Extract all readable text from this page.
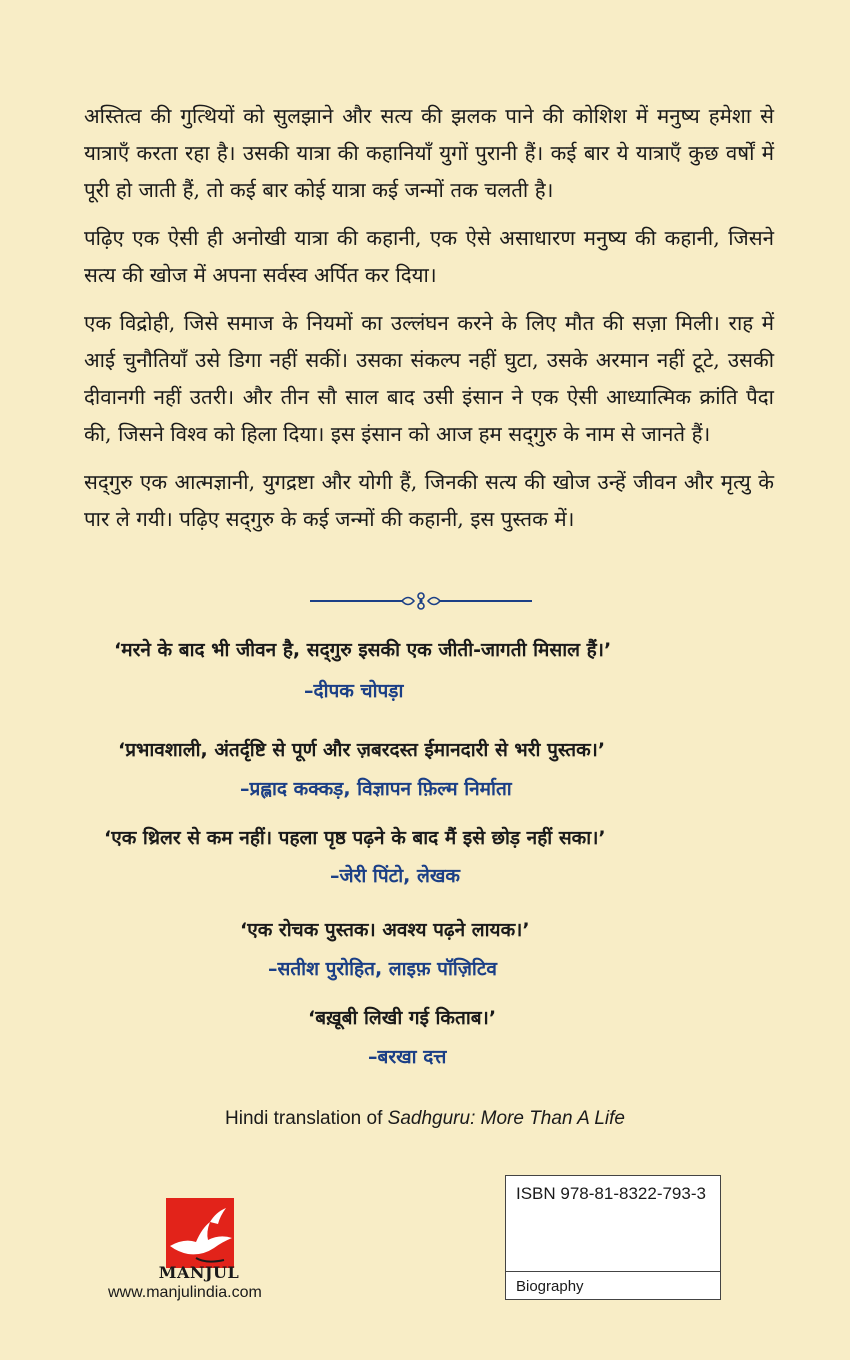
अस्तित्व की गुत्थियों को सुलझाने और सत्य की झलक पाने की कोशिश में मनुष्य हमेशा से यात्राएँ करता रहा है। उसकी यात्रा की कहानियाँ युगों पुरानी हैं। कई बार ये यात्राएँ कुछ वर्षों में पूरी हो जाती हैं, तो कई बार कोई यात्रा कई जन्मों तक चलती है।

पढ़िए एक ऐसी ही अनोखी यात्रा की कहानी, एक ऐसे असाधारण मनुष्य की कहानी, जिसने सत्य की खोज में अपना सर्वस्व अर्पित कर दिया।

एक विद्रोही, जिसे समाज के नियमों का उल्लंघन करने के लिए मौत की सज़ा मिली। राह में आई चुनौतियाँ उसे डिगा नहीं सकीं। उसका संकल्प नहीं घुटा, उसके अरमान नहीं टूटे, उसकी दीवानगी नहीं उतरी। और तीन सौ साल बाद उसी इंसान ने एक ऐसी आध्यात्मिक क्रांति पैदा की, जिसने विश्व को हिला दिया। इस इंसान को आज हम सद्‌गुरु के नाम से जानते हैं।

सद्‌गुरु एक आत्मज्ञानी, युगद्रष्टा और योगी हैं, जिनकी सत्य की खोज उन्हें जीवन और मृत्यु के पार ले गयी। पढ़िए सद्‌गुरु के कई जन्मों की कहानी, इस पुस्तक में।

‘मरने के बाद भी जीवन है, सद्‌गुरु इसकी एक जीती-जागती मिसाल हैं।’
–दीपक चोपड़ा
‘प्रभावशाली, अंतर्दृष्टि से पूर्ण और ज़बरदस्त ईमानदारी से भरी पुस्तक।’
–प्रह्लाद कक्कड़, विज्ञापन फ़िल्म निर्माता
‘एक थ्रिलर से कम नहीं। पहला पृष्ठ पढ़ने के बाद मैं इसे छोड़ नहीं सका।’
–जेरी पिंटो, लेखक
‘एक रोचक पुस्तक। अवश्य पढ़ने लायक।’
–सतीश पुरोहित, लाइफ़ पॉज़िटिव
‘बख़ूबी लिखी गई किताब।’
–बरखा दत्त
Hindi translation of Sadhguru: More Than A Life
MANJUL
www.manjulindia.com
ISBN 978-81-8322-793-3
Biography
